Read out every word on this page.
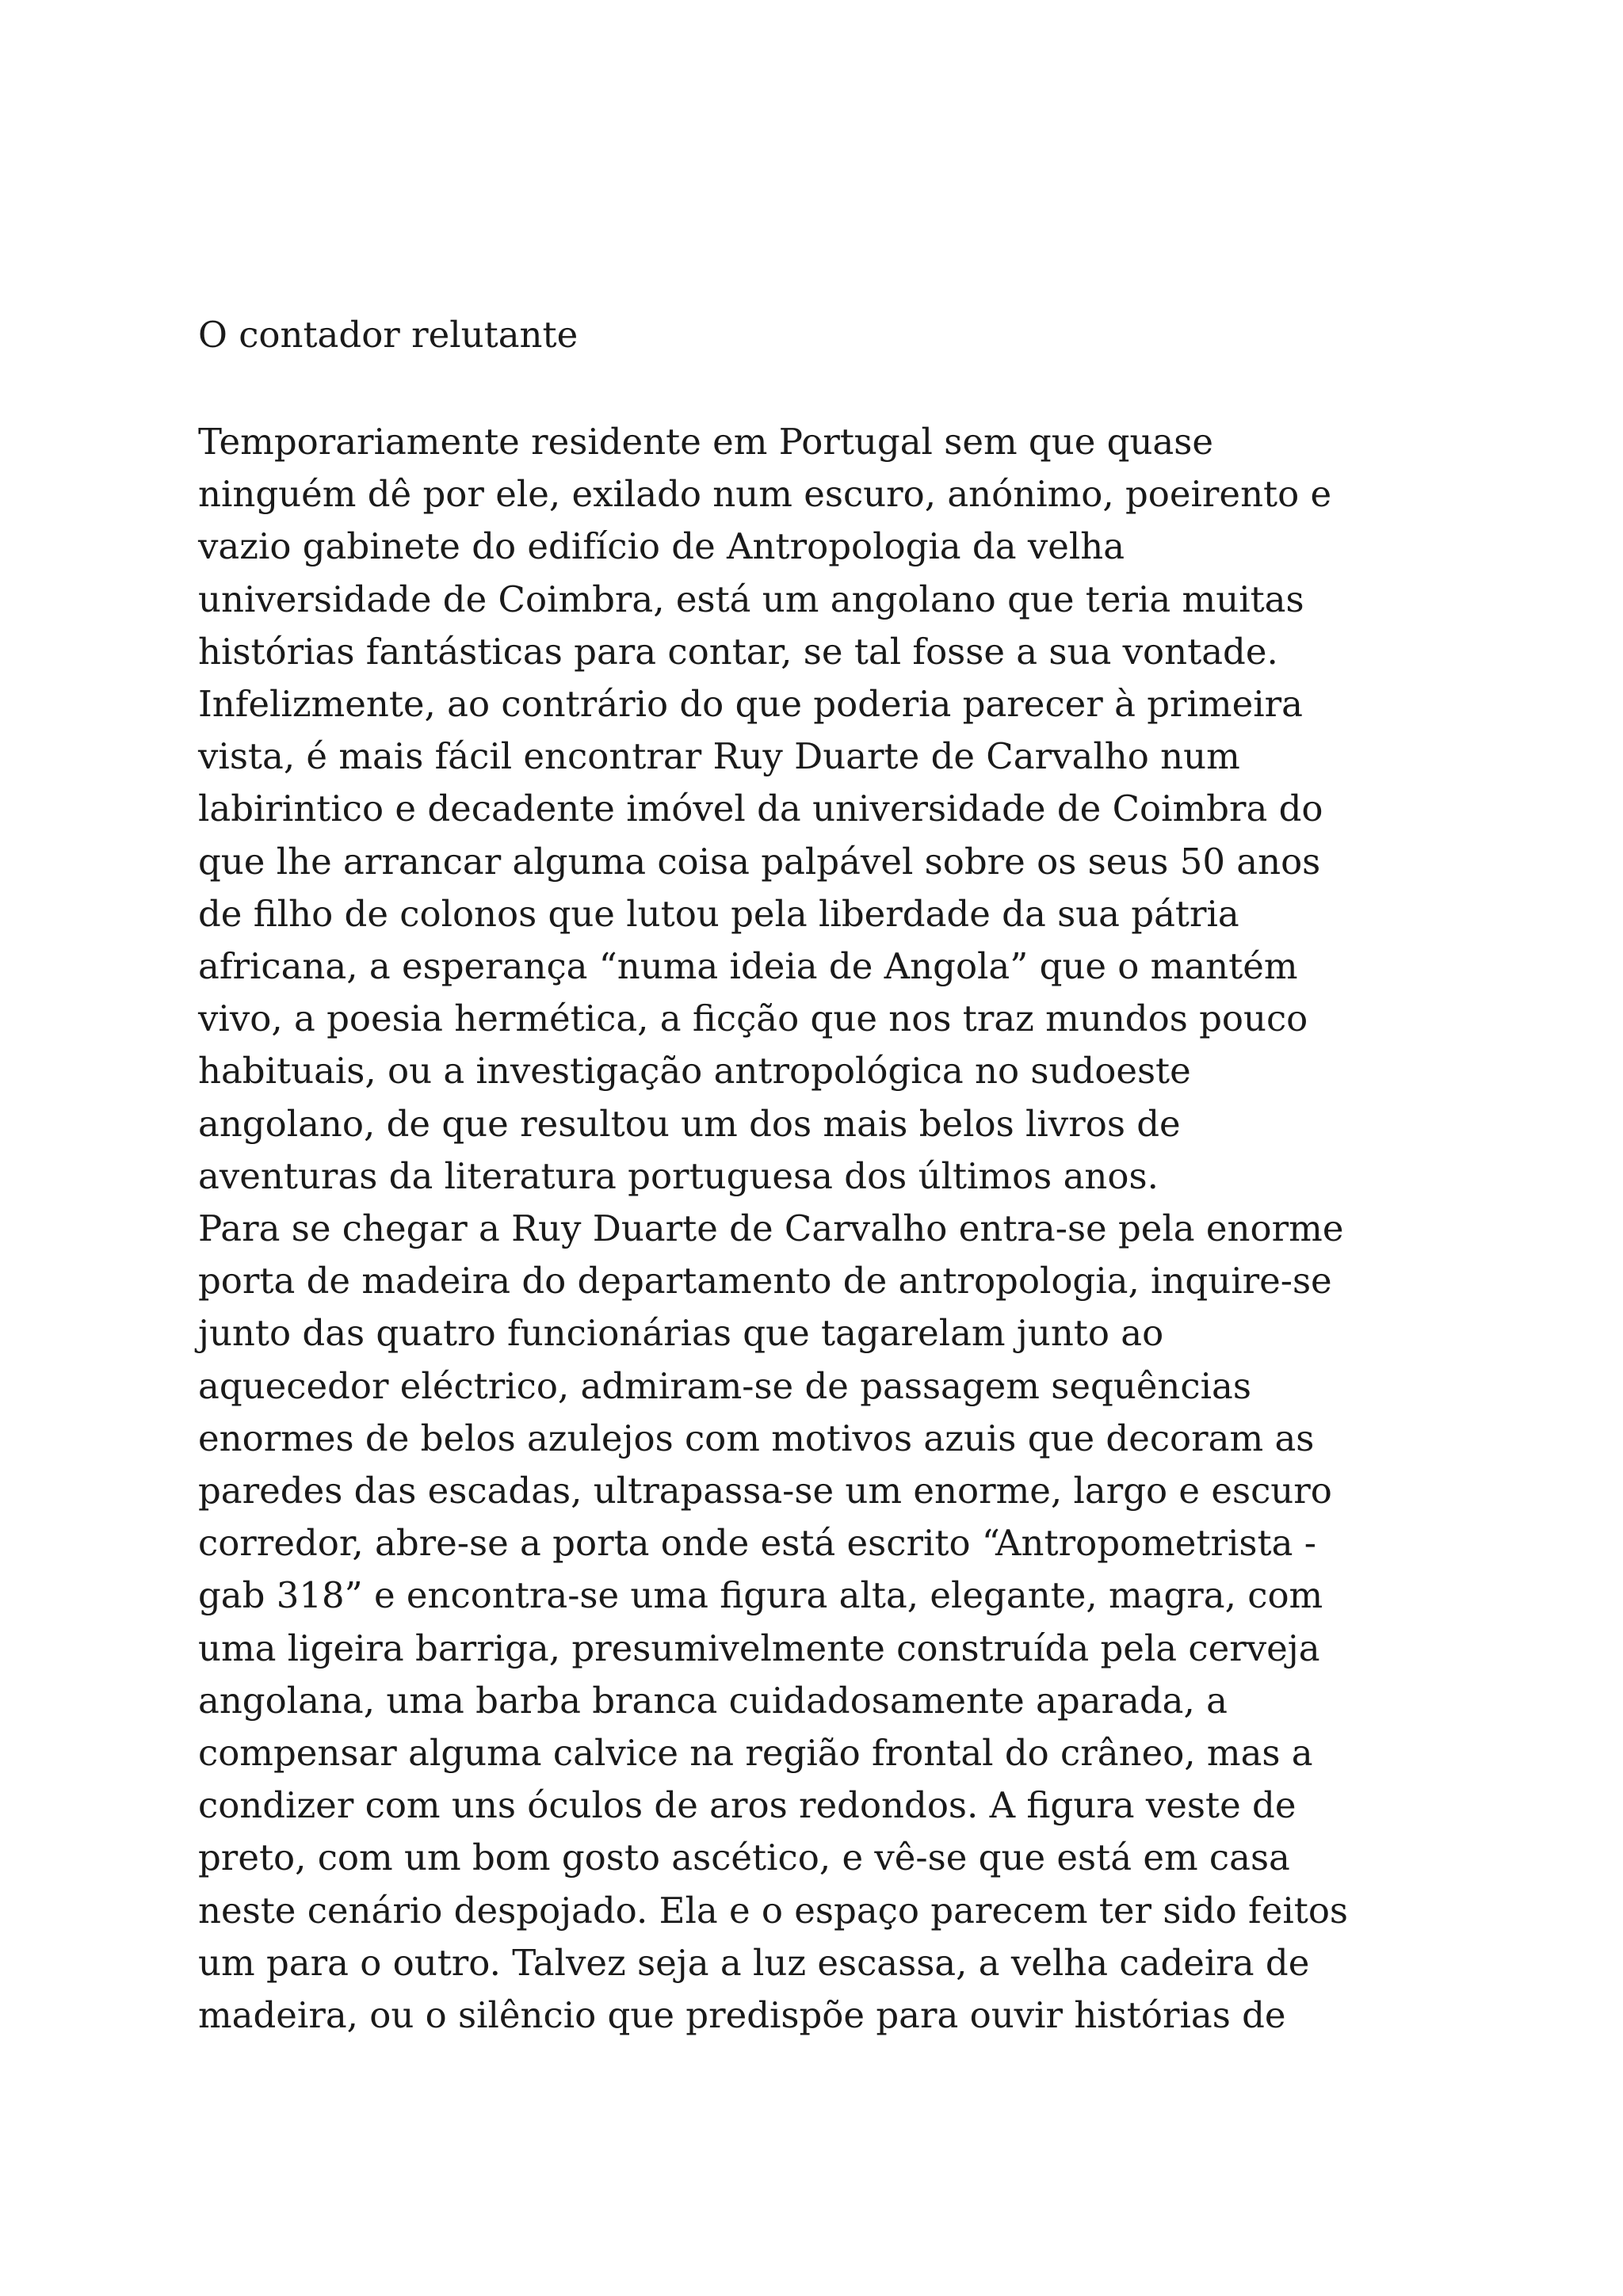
O contador relutante
Temporariamente residente em Portugal sem que quase
ninguém dê por ele, exilado num escuro, anónimo, poeirento e
vazio gabinete do edifício de Antropologia da velha
universidade de Coimbra, está um angolano que teria muitas
histórias fantásticas para contar, se tal fosse a sua vontade.
Infelizmente, ao contrário do que poderia parecer à primeira
vista, é mais fácil encontrar Ruy Duarte de Carvalho num
labirintico e decadente imóvel da universidade de Coimbra do
que lhe arrancar alguma coisa palpável sobre os seus 50 anos
de filho de colonos que lutou pela liberdade da sua pátria
africana, a esperança “numa ideia de Angola” que o mantém
vivo, a poesia hermética, a ficção que nos traz mundos pouco
habituais, ou a investigação antropológica no sudoeste
angolano, de que resultou um dos mais belos livros de
aventuras da literatura portuguesa dos últimos anos.
Para se chegar a Ruy Duarte de Carvalho entra-se pela enorme
porta de madeira do departamento de antropologia, inquire-se
junto das quatro funcionárias que tagarelam junto ao
aquecedor eléctrico, admiram-se de passagem sequências
enormes de belos azulejos com motivos azuis que decoram as
paredes das escadas, ultrapassa-se um enorme, largo e escuro
corredor, abre-se a porta onde está escrito “Antropometrista -
gab 318” e encontra-se uma figura alta, elegante, magra, com
uma ligeira barriga, presumivelmente construída pela cerveja
angolana, uma barba branca cuidadosamente aparada, a
compensar alguma calvice na região frontal do crâneo, mas a
condizer com uns óculos de aros redondos. A figura veste de
preto, com um bom gosto ascético, e vê-se que está em casa
neste cenário despojado. Ela e o espaço parecem ter sido feitos
um para o outro. Talvez seja a luz escassa, a velha cadeira de
madeira, ou o silêncio que predispõe para ouvir histórias de
